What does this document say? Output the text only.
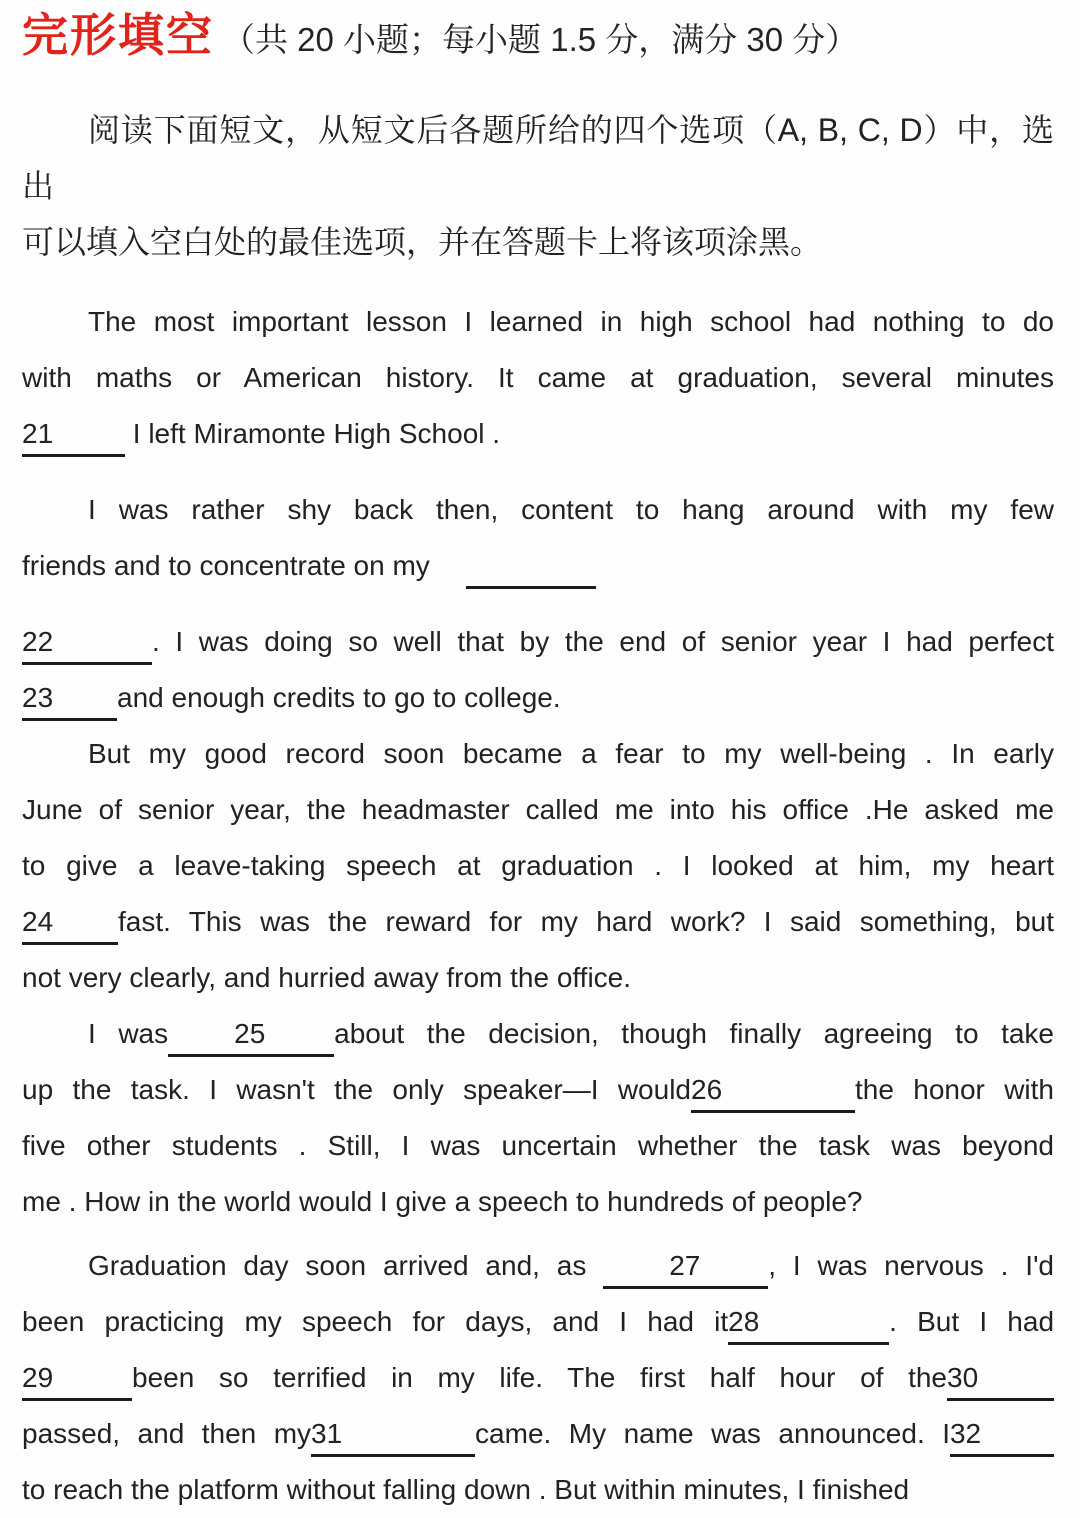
完形填空 （共 20 小题；每小题 1.5 分，满分 30 分）
阅读下面短文，从短文后各题所给的四个选项（A, B, C, D）中，选出
可以填入空白处的最佳选项，并在答题卡上将该项涂黑。
The most important lesson I learned in high school had nothing to do
with maths or American history. It came at graduation, several minutes
21	I left Miramonte High School .
I was rather shy back then, content to hang around with my few
friends and to concentrate on my
22	. I was doing so well that by the end of senior year I had perfect
23 and enough credits to go to college.
But my good record soon became a fear to my well-being . In early
June of senior year, the headmaster called me into his office .He asked me
to give a leave-taking speech at graduation . I looked at him, my heart
24 fast. This was the reward for my hard work? I said something, but
not very clearly, and hurried away from the office.
I was 25 about the decision, though finally agreeing to take
up the task. I wasn't the only speaker—I would26	the honor with
five other students . Still, I was uncertain whether the task was beyond
me . How in the world would I give a speech to hundreds of people?
Graduation day soon arrived and, as 27 , I was nervous . I'd
been practicing my speech for days, and I had it28	. But I had
29	been so terrified in my life. The first half hour of the30
passed, and then my31	came. My name was announced. I32
to reach the platform without falling down . But within minutes, I finished
